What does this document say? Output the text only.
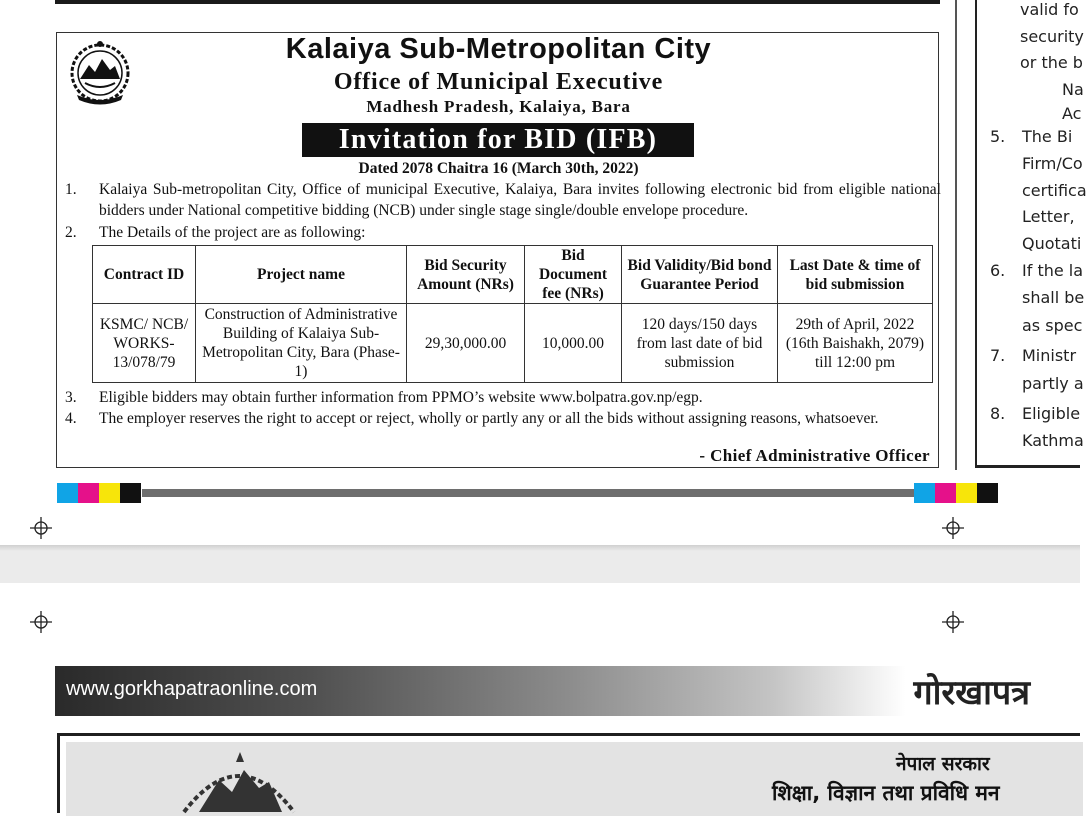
Kalaiya Sub-Metropolitan City
Office of Municipal Executive
Madhesh Pradesh, Kalaiya, Bara
Invitation for BID (IFB)
Dated 2078 Chaitra 16 (March 30th, 2022)
1.	Kalaiya Sub-metropolitan City, Office of municipal Executive, Kalaiya, Bara invites following electronic bid from eligible national bidders under National competitive bidding (NCB) under single stage single/double envelope procedure.
2.	The Details of the project are as following:
Contract ID	Project name	Bid Security Amount (NRs)	Bid Document fee (NRs)	Bid Validity/Bid bond Guarantee Period	Last Date & time of bid submission
KSMC/ NCB/ WORKS-13/078/79	Construction of Administrative Building of Kalaiya Sub-Metropolitan City, Bara (Phase-1)	29,30,000.00	10,000.00	120 days/150 days from last date of bid submission	29th of April, 2022 (16th Baishakh, 2079) till 12:00 pm
3.	Eligible bidders may obtain further information from PPMO’s website www.bolpatra.gov.np/egp.
4.	The employer reserves the right to accept or reject, wholly or partly any or all the bids without assigning reasons, whatsoever.
- Chief Administrative Officer
valid fo
security
or the b
Na
Ac
5. The Bi
Firm/Co
certifica
Letter,
Quotati
6. If the la
shall be
as spec
7. Ministr
partly a
8. Eligible
Kathma
www.gorkhapatraonline.com	गोरखापत्र
नेपाल सरकार
शिक्षा, विज्ञान तथा प्रविधि मन
